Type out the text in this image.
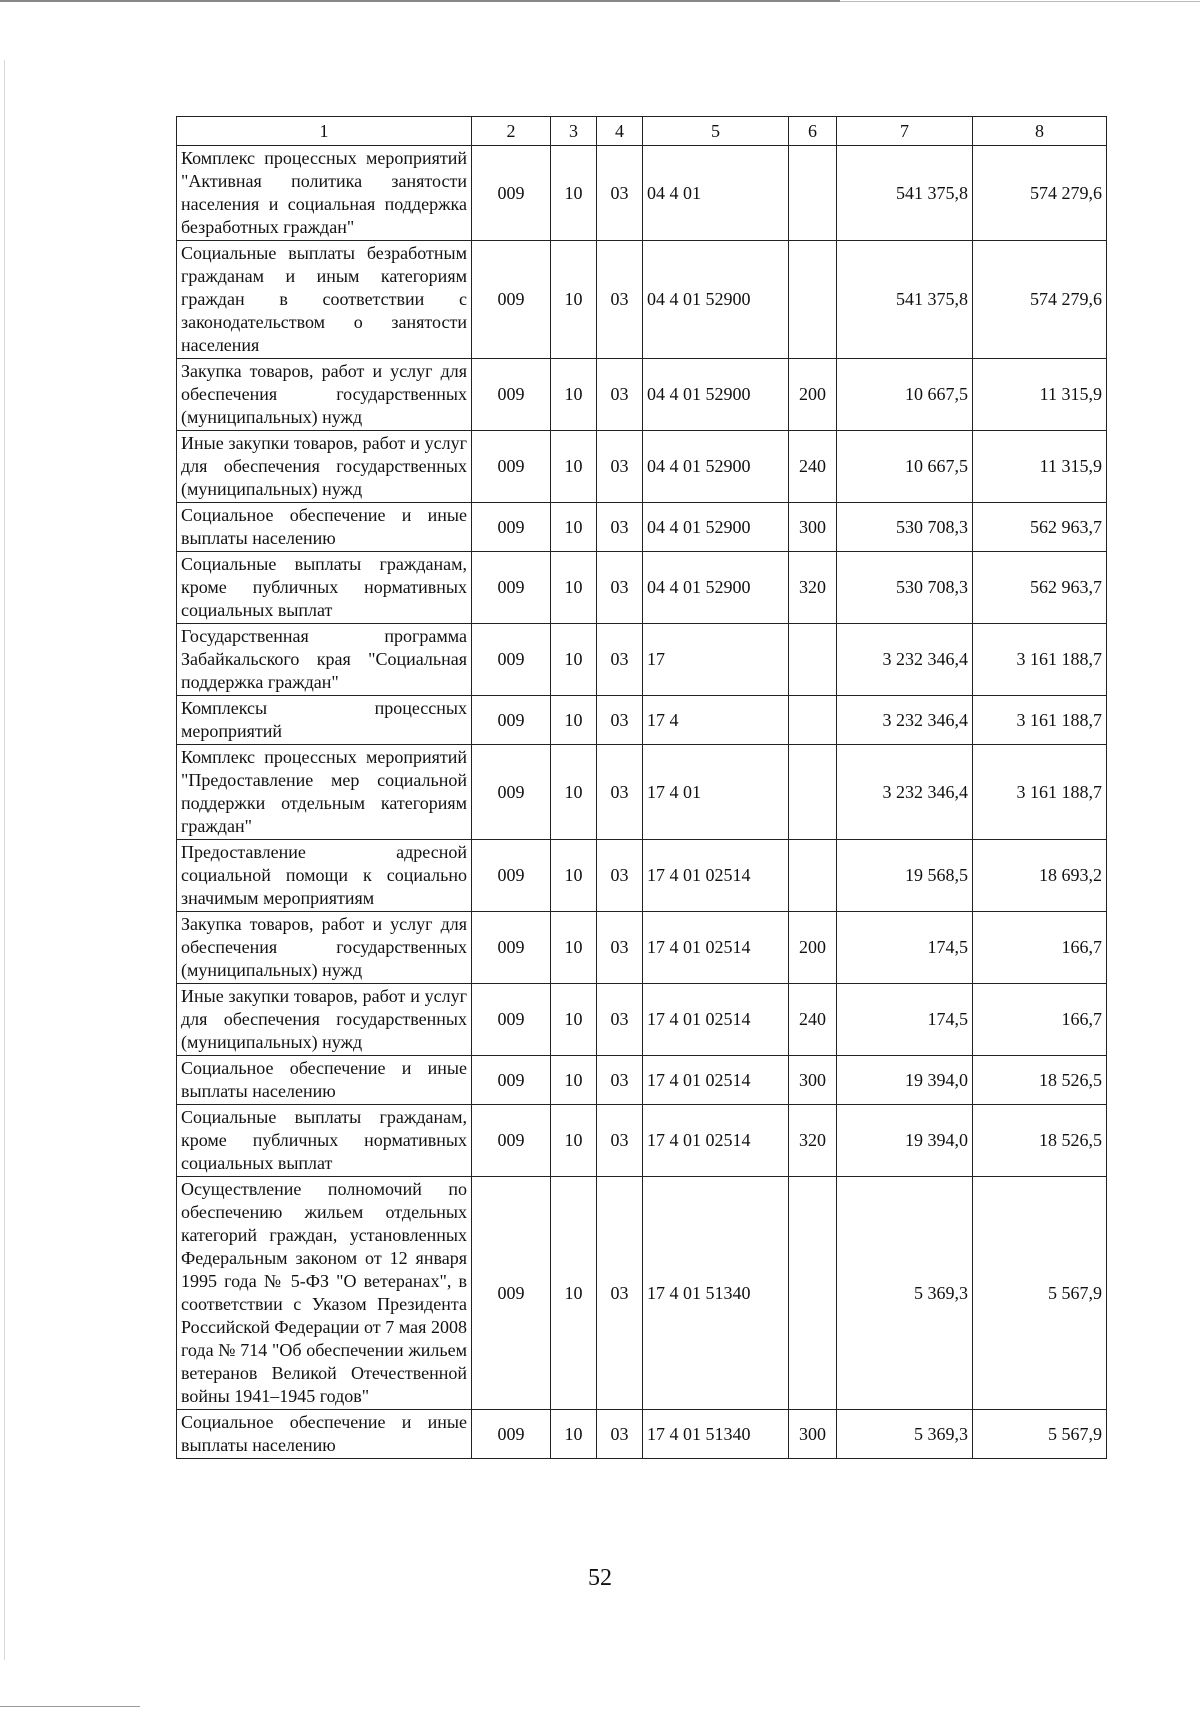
1	2	3	4	5	6	7	8
Комплекс процессных мероприятий "Активная политика занятости населения и социальная поддержка безработных граждан"	009	10	03	04 4 01		541 375,8	574 279,6
Социальные выплаты безработным гражданам и иным категориям граждан в соответствии с законодательством о занятости населения	009	10	03	04 4 01 52900		541 375,8	574 279,6
Закупка товаров, работ и услуг для обеспечения государственных (муниципальных) нужд	009	10	03	04 4 01 52900	200	10 667,5	11 315,9
Иные закупки товаров, работ и услуг для обеспечения государственных (муниципальных) нужд	009	10	03	04 4 01 52900	240	10 667,5	11 315,9
Социальное обеспечение и иные выплаты населению	009	10	03	04 4 01 52900	300	530 708,3	562 963,7
Социальные выплаты гражданам, кроме публичных нормативных социальных выплат	009	10	03	04 4 01 52900	320	530 708,3	562 963,7
Государственная программа Забайкальского края "Социальная поддержка граждан"	009	10	03	17		3 232 346,4	3 161 188,7
Комплексы процессных мероприятий	009	10	03	17 4		3 232 346,4	3 161 188,7
Комплекс процессных мероприятий "Предоставление мер социальной поддержки отдельным категориям граждан"	009	10	03	17 4 01		3 232 346,4	3 161 188,7
Предоставление адресной социальной помощи к социально значимым мероприятиям	009	10	03	17 4 01 02514		19 568,5	18 693,2
Закупка товаров, работ и услуг для обеспечения государственных (муниципальных) нужд	009	10	03	17 4 01 02514	200	174,5	166,7
Иные закупки товаров, работ и услуг для обеспечения государственных (муниципальных) нужд	009	10	03	17 4 01 02514	240	174,5	166,7
Социальное обеспечение и иные выплаты населению	009	10	03	17 4 01 02514	300	19 394,0	18 526,5
Социальные выплаты гражданам, кроме публичных нормативных социальных выплат	009	10	03	17 4 01 02514	320	19 394,0	18 526,5
Осуществление полномочий по обеспечению жильем отдельных категорий граждан, установленных Федеральным законом от 12 января 1995 года № 5-ФЗ "О ветеранах", в соответствии с Указом Президента Российской Федерации от 7 мая 2008 года № 714 "Об обеспечении жильем ветеранов Великой Отечественной войны 1941–1945 годов"	009	10	03	17 4 01 51340		5 369,3	5 567,9
Социальное обеспечение и иные выплаты населению	009	10	03	17 4 01 51340	300	5 369,3	5 567,9
52
